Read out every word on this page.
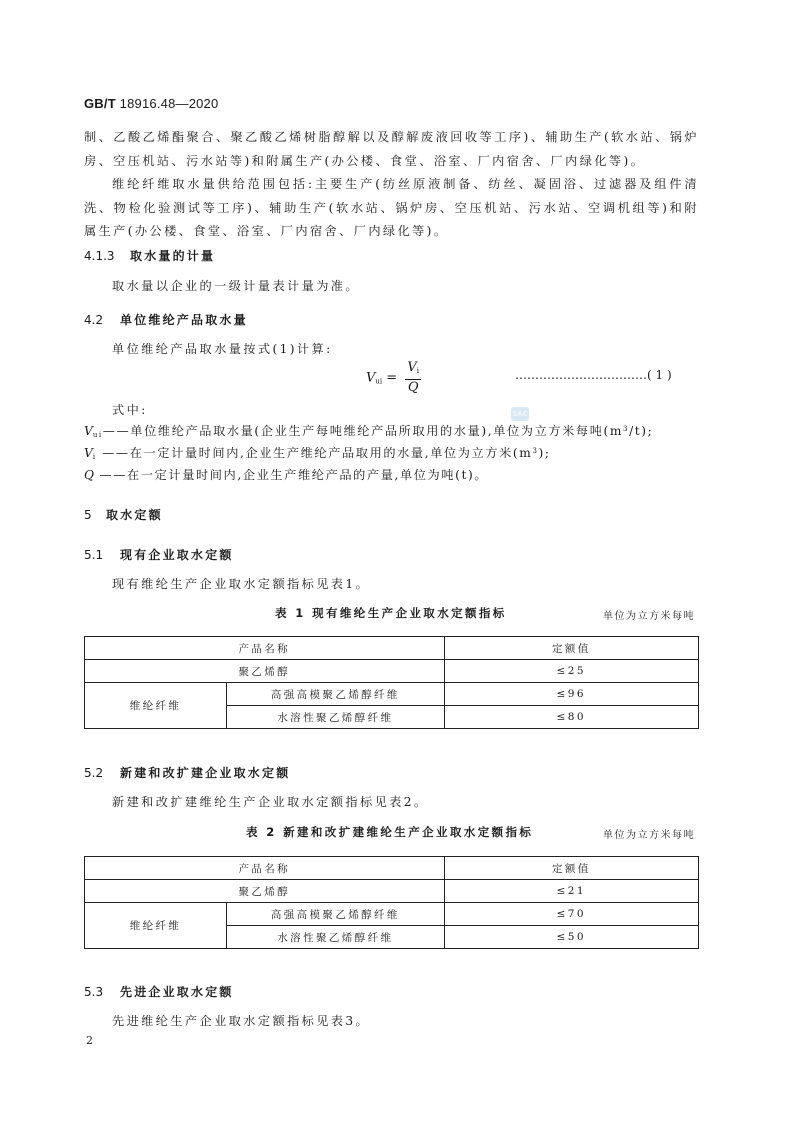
GB/T 18916.48—2020
制、乙酸乙烯酯聚合、聚乙酸乙烯树脂醇解以及醇解废液回收等工序)、辅助生产(软水站、锅炉房、空压机站、污水站等)和附属生产(办公楼、食堂、浴室、厂内宿舍、厂内绿化等)。
维纶纤维取水量供给范围包括:主要生产(纺丝原液制备、纺丝、凝固浴、过滤器及组件清洗、物检化验测试等工序)、辅助生产(软水站、锅炉房、空压机站、污水站、空调机组等)和附属生产(办公楼、食堂、浴室、厂内宿舍、厂内绿化等)。
4.1.3 取水量的计量
取水量以企业的一级计量表计量为准。
4.2 单位维纶产品取水量
单位维纶产品取水量按式(1)计算:
$V_{ui} = \frac{V_i}{Q}$	……………………………( 1 )
式中:
$V_{ui}——$单位维纶产品取水量(企业生产每吨维纶产品所取用的水量),单位为立方米每吨$(m^3/t)$;
$V_i$ ——在一定计量时间内,企业生产维纶产品取用的水量,单位为立方米$(m^3)$;
Q ——在一定计量时间内,企业生产维纶产品的产量,单位为吨(t)。
SAC
5 取水定额
5.1 现有企业取水定额
现有维纶生产企业取水定额指标见表1。
表 1 现有维纶生产企业取水定额指标	单位为立方米每吨
产品名称		定额值
聚乙烯醇		≤25
维纶纤维	高强高模聚乙烯醇纤维	≤96
	水溶性聚乙烯醇纤维	≤80
5.2 新建和改扩建企业取水定额
新建和改扩建维纶生产企业取水定额指标见表2。
表 2 新建和改扩建维纶生产企业取水定额指标	单位为立方米每吨
产品名称		定额值
聚乙烯醇		≤21
维纶纤维	高强高模聚乙烯醇纤维	≤70
	水溶性聚乙烯醇纤维	≤50
5.3 先进企业取水定额
先进维纶生产企业取水定额指标见表3。
2
